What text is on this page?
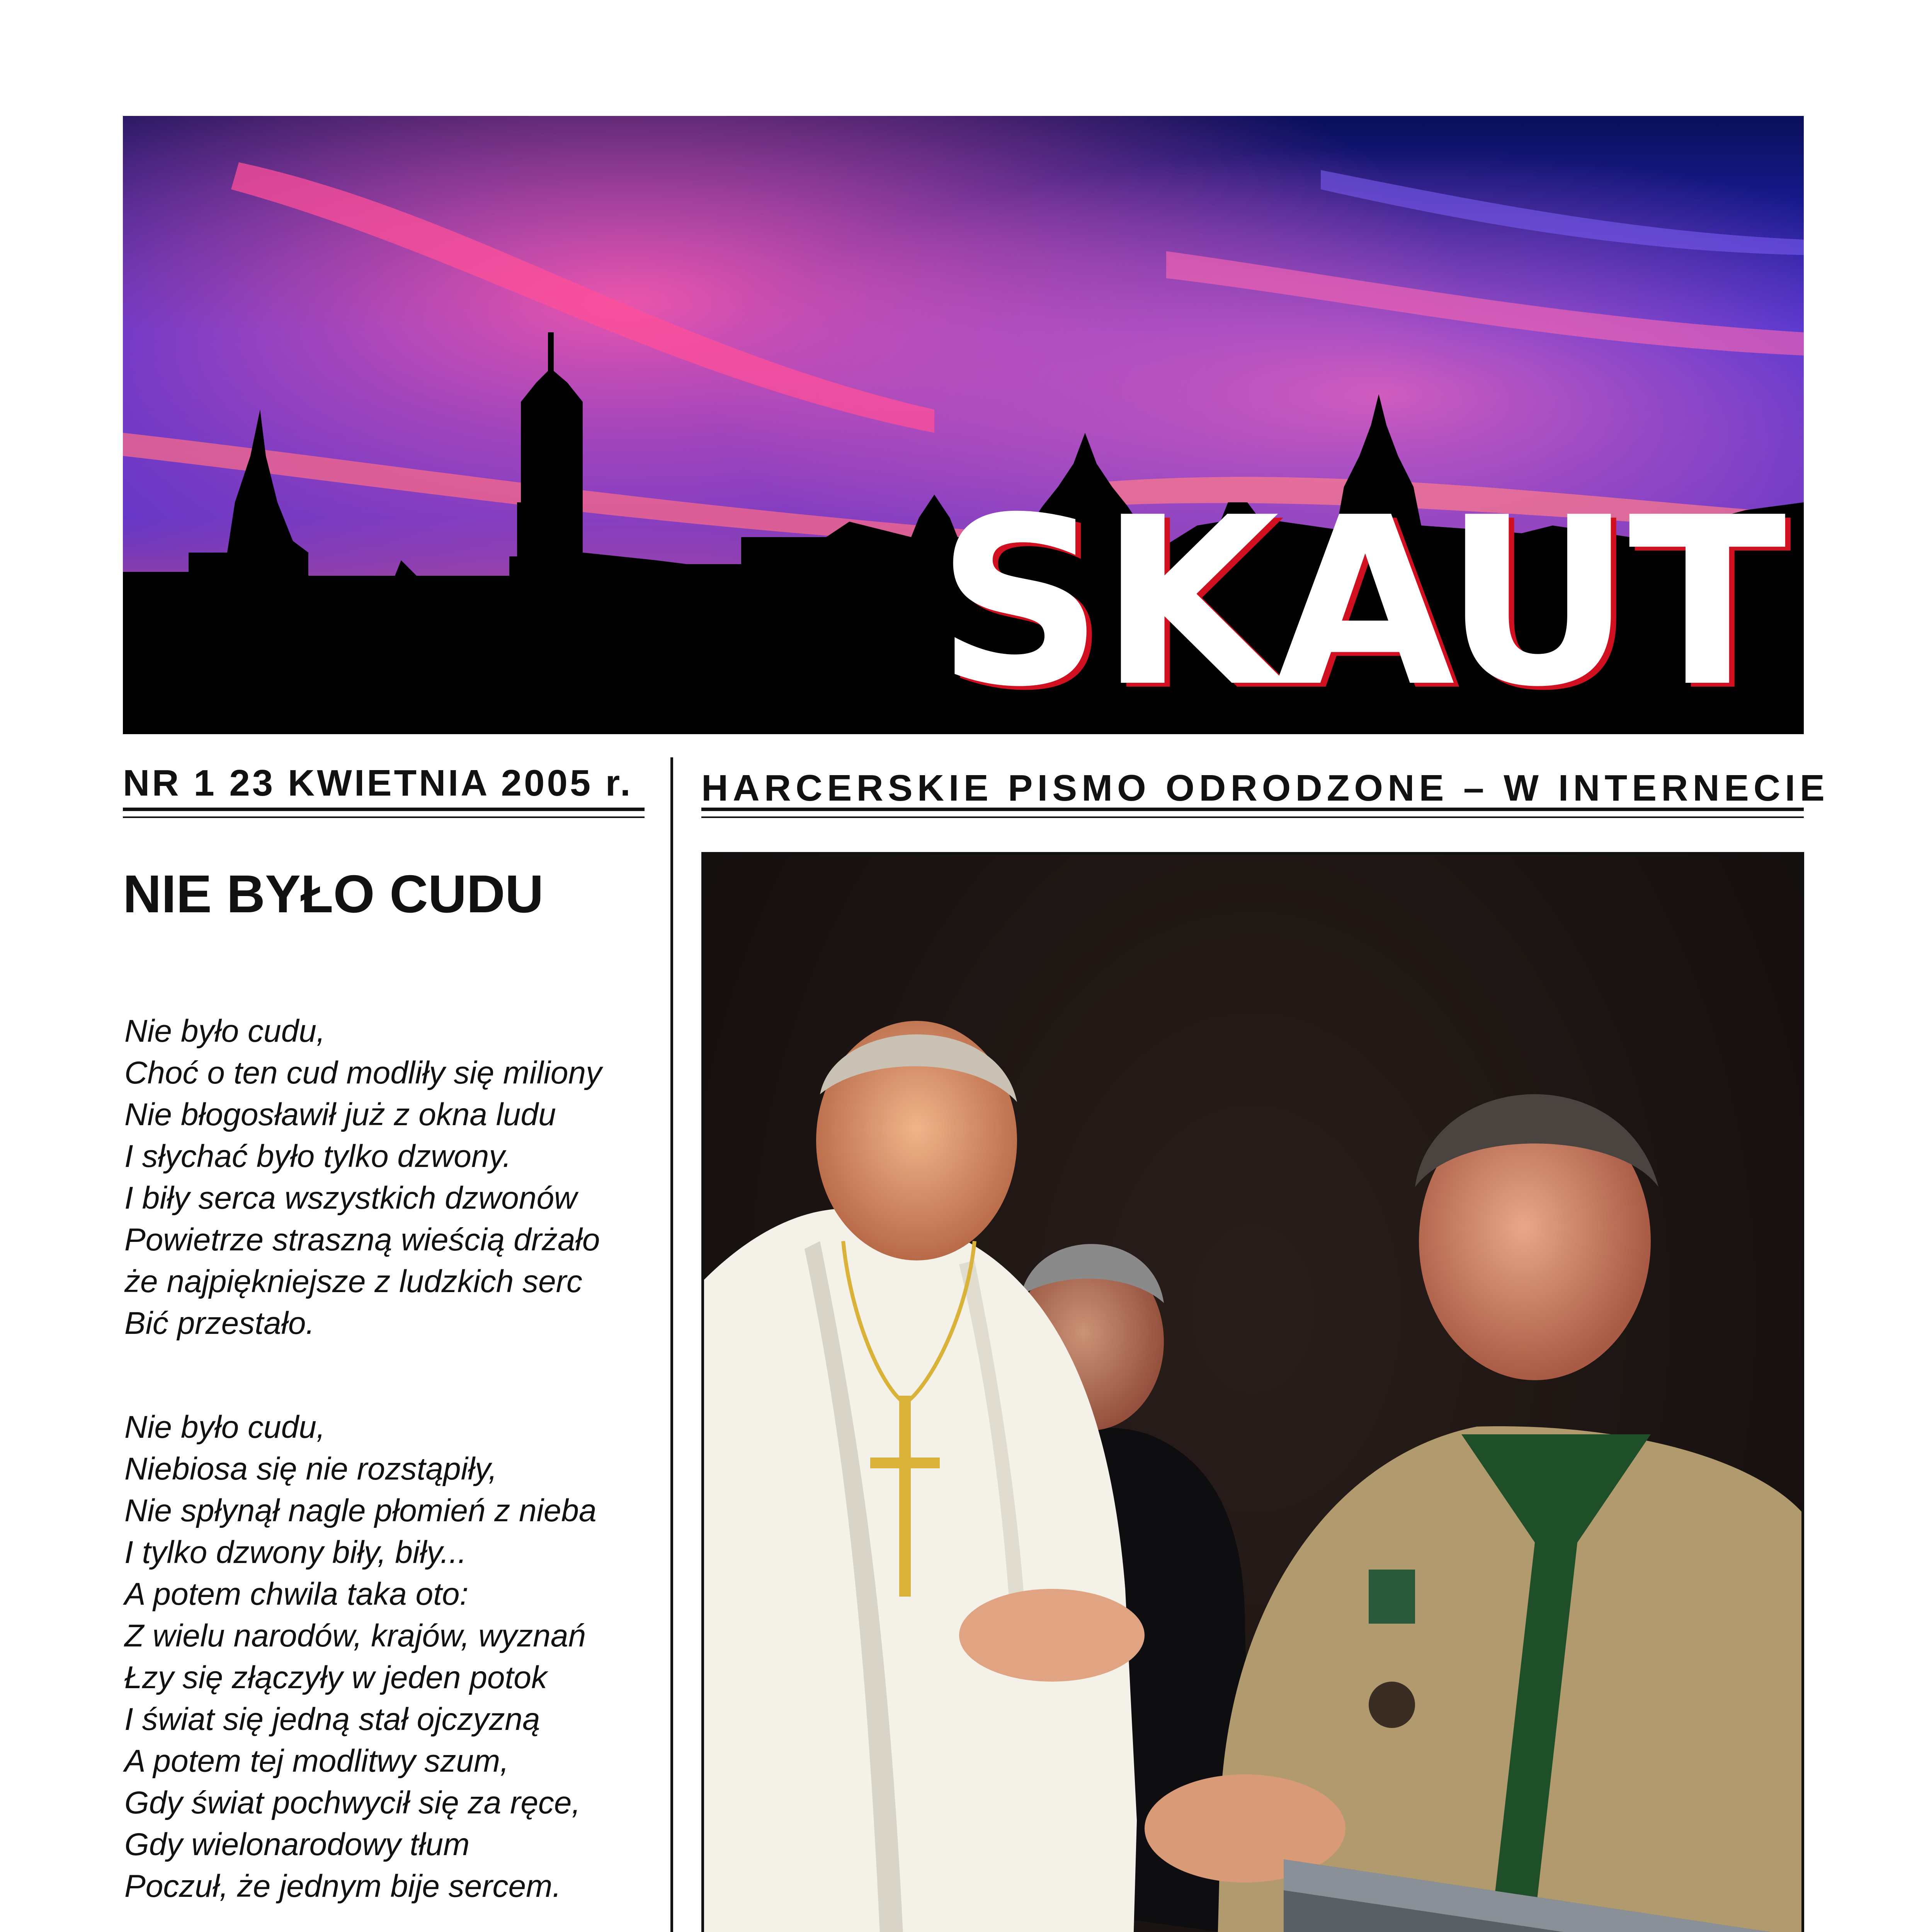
SKAUT
NR 1 23 KWIETNIA 2005 r. HARCERSKIE PISMO ODRODZONE – W INTERNECIE
NIE BYŁO CUDU
Nie było cudu,
Choć o ten cud modliły się miliony
Nie błogosławił już z okna ludu
I słychać było tylko dzwony.
I biły serca wszystkich dzwonów
Powietrze straszną wieścią drżało
że najpiękniejsze z ludzkich serc
Bić przestało.
Nie było cudu,
Niebiosa się nie rozstąpiły,
Nie spłynął nagle płomień z nieba
I tylko dzwony biły, biły...
A potem chwila taka oto:
Z wielu narodów, krajów, wyznań
Łzy się złączyły w jeden potok
I świat się jedną stał ojczyzną
A potem tej modlitwy szum,
Gdy świat pochwycił się za ręce,
Gdy wielonarodowy tłum
Poczuł, że jednym bije sercem.
